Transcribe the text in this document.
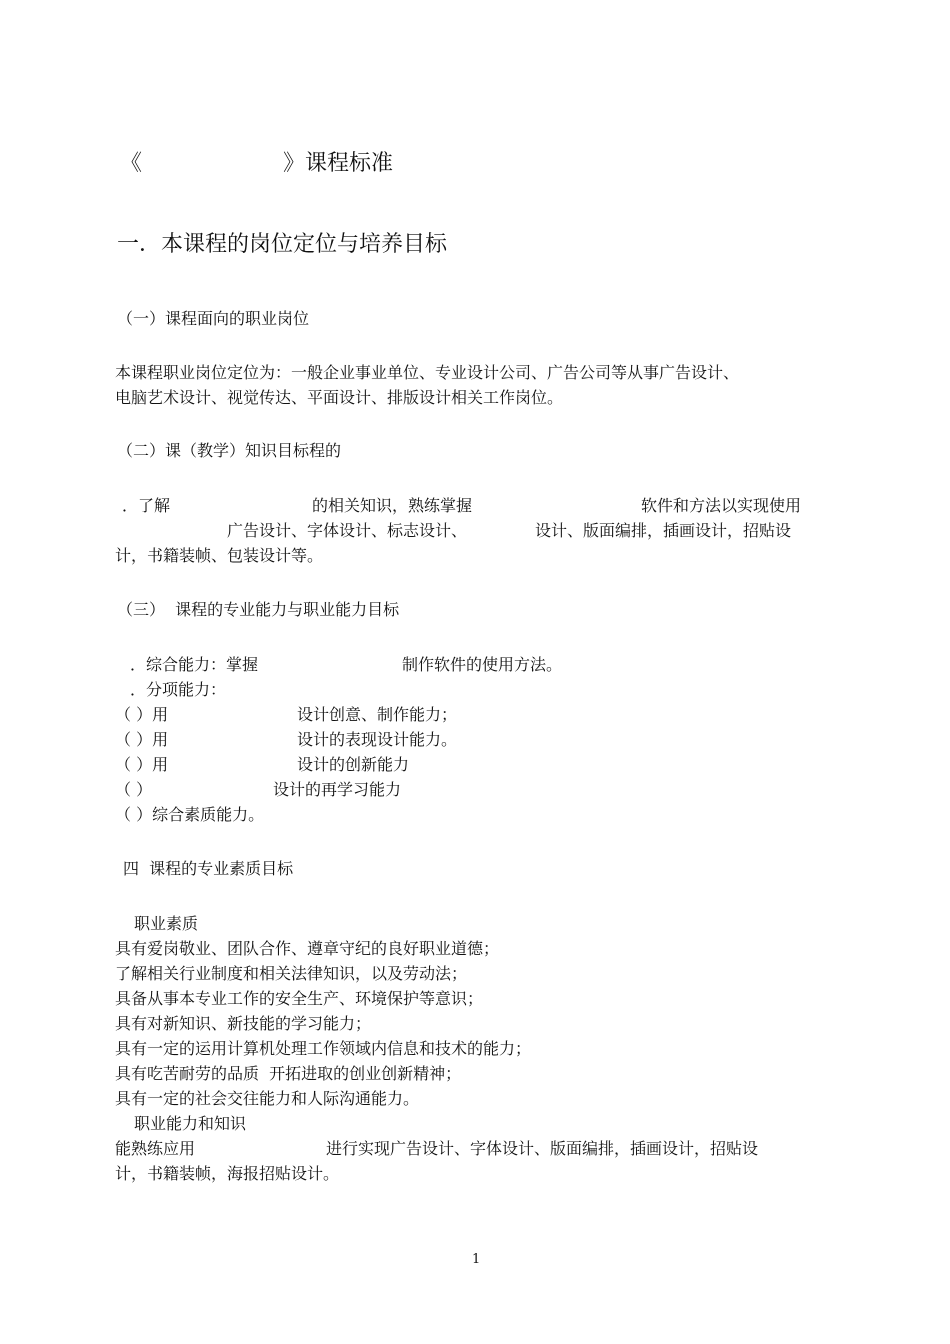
《	》课程标准
一．本课程的岗位定位与培养目标
（一）课程面向的职业岗位
本课程职业岗位定位为：一般企业事业单位、专业设计公司、广告公司等从事广告设计、
电脑艺术设计、视觉传达、平面设计、排版设计相关工作岗位。
（二）课（教学）知识目标程的
．了解	的相关知识，熟练掌握	软件和方法以实现使用
广告设计、字体设计、标志设计、	设计、版面编排，插画设计，招贴设
计，书籍装帧、包装设计等。
（三）  课程的专业能力与职业能力目标
．综合能力：掌握	制作软件的使用方法。
．分项能力：
（ ）用	设计创意、制作能力；
（ ）用	设计的表现设计能力。
（ ）用	设计的创新能力
（ ）	设计的再学习能力
（ ）综合素质能力。
四  课程的专业素质目标
职业素质
具有爱岗敬业、团队合作、遵章守纪的良好职业道德；
了解相关行业制度和相关法律知识，以及劳动法；
具备从事本专业工作的安全生产、环境保护等意识；
具有对新知识、新技能的学习能力；
具有一定的运用计算机处理工作领域内信息和技术的能力；
具有吃苦耐劳的品质  开拓进取的创业创新精神；
具有一定的社会交往能力和人际沟通能力。
职业能力和知识
能熟练应用	进行实现广告设计、字体设计、版面编排，插画设计，招贴设
计，书籍装帧，海报招贴设计。
1
